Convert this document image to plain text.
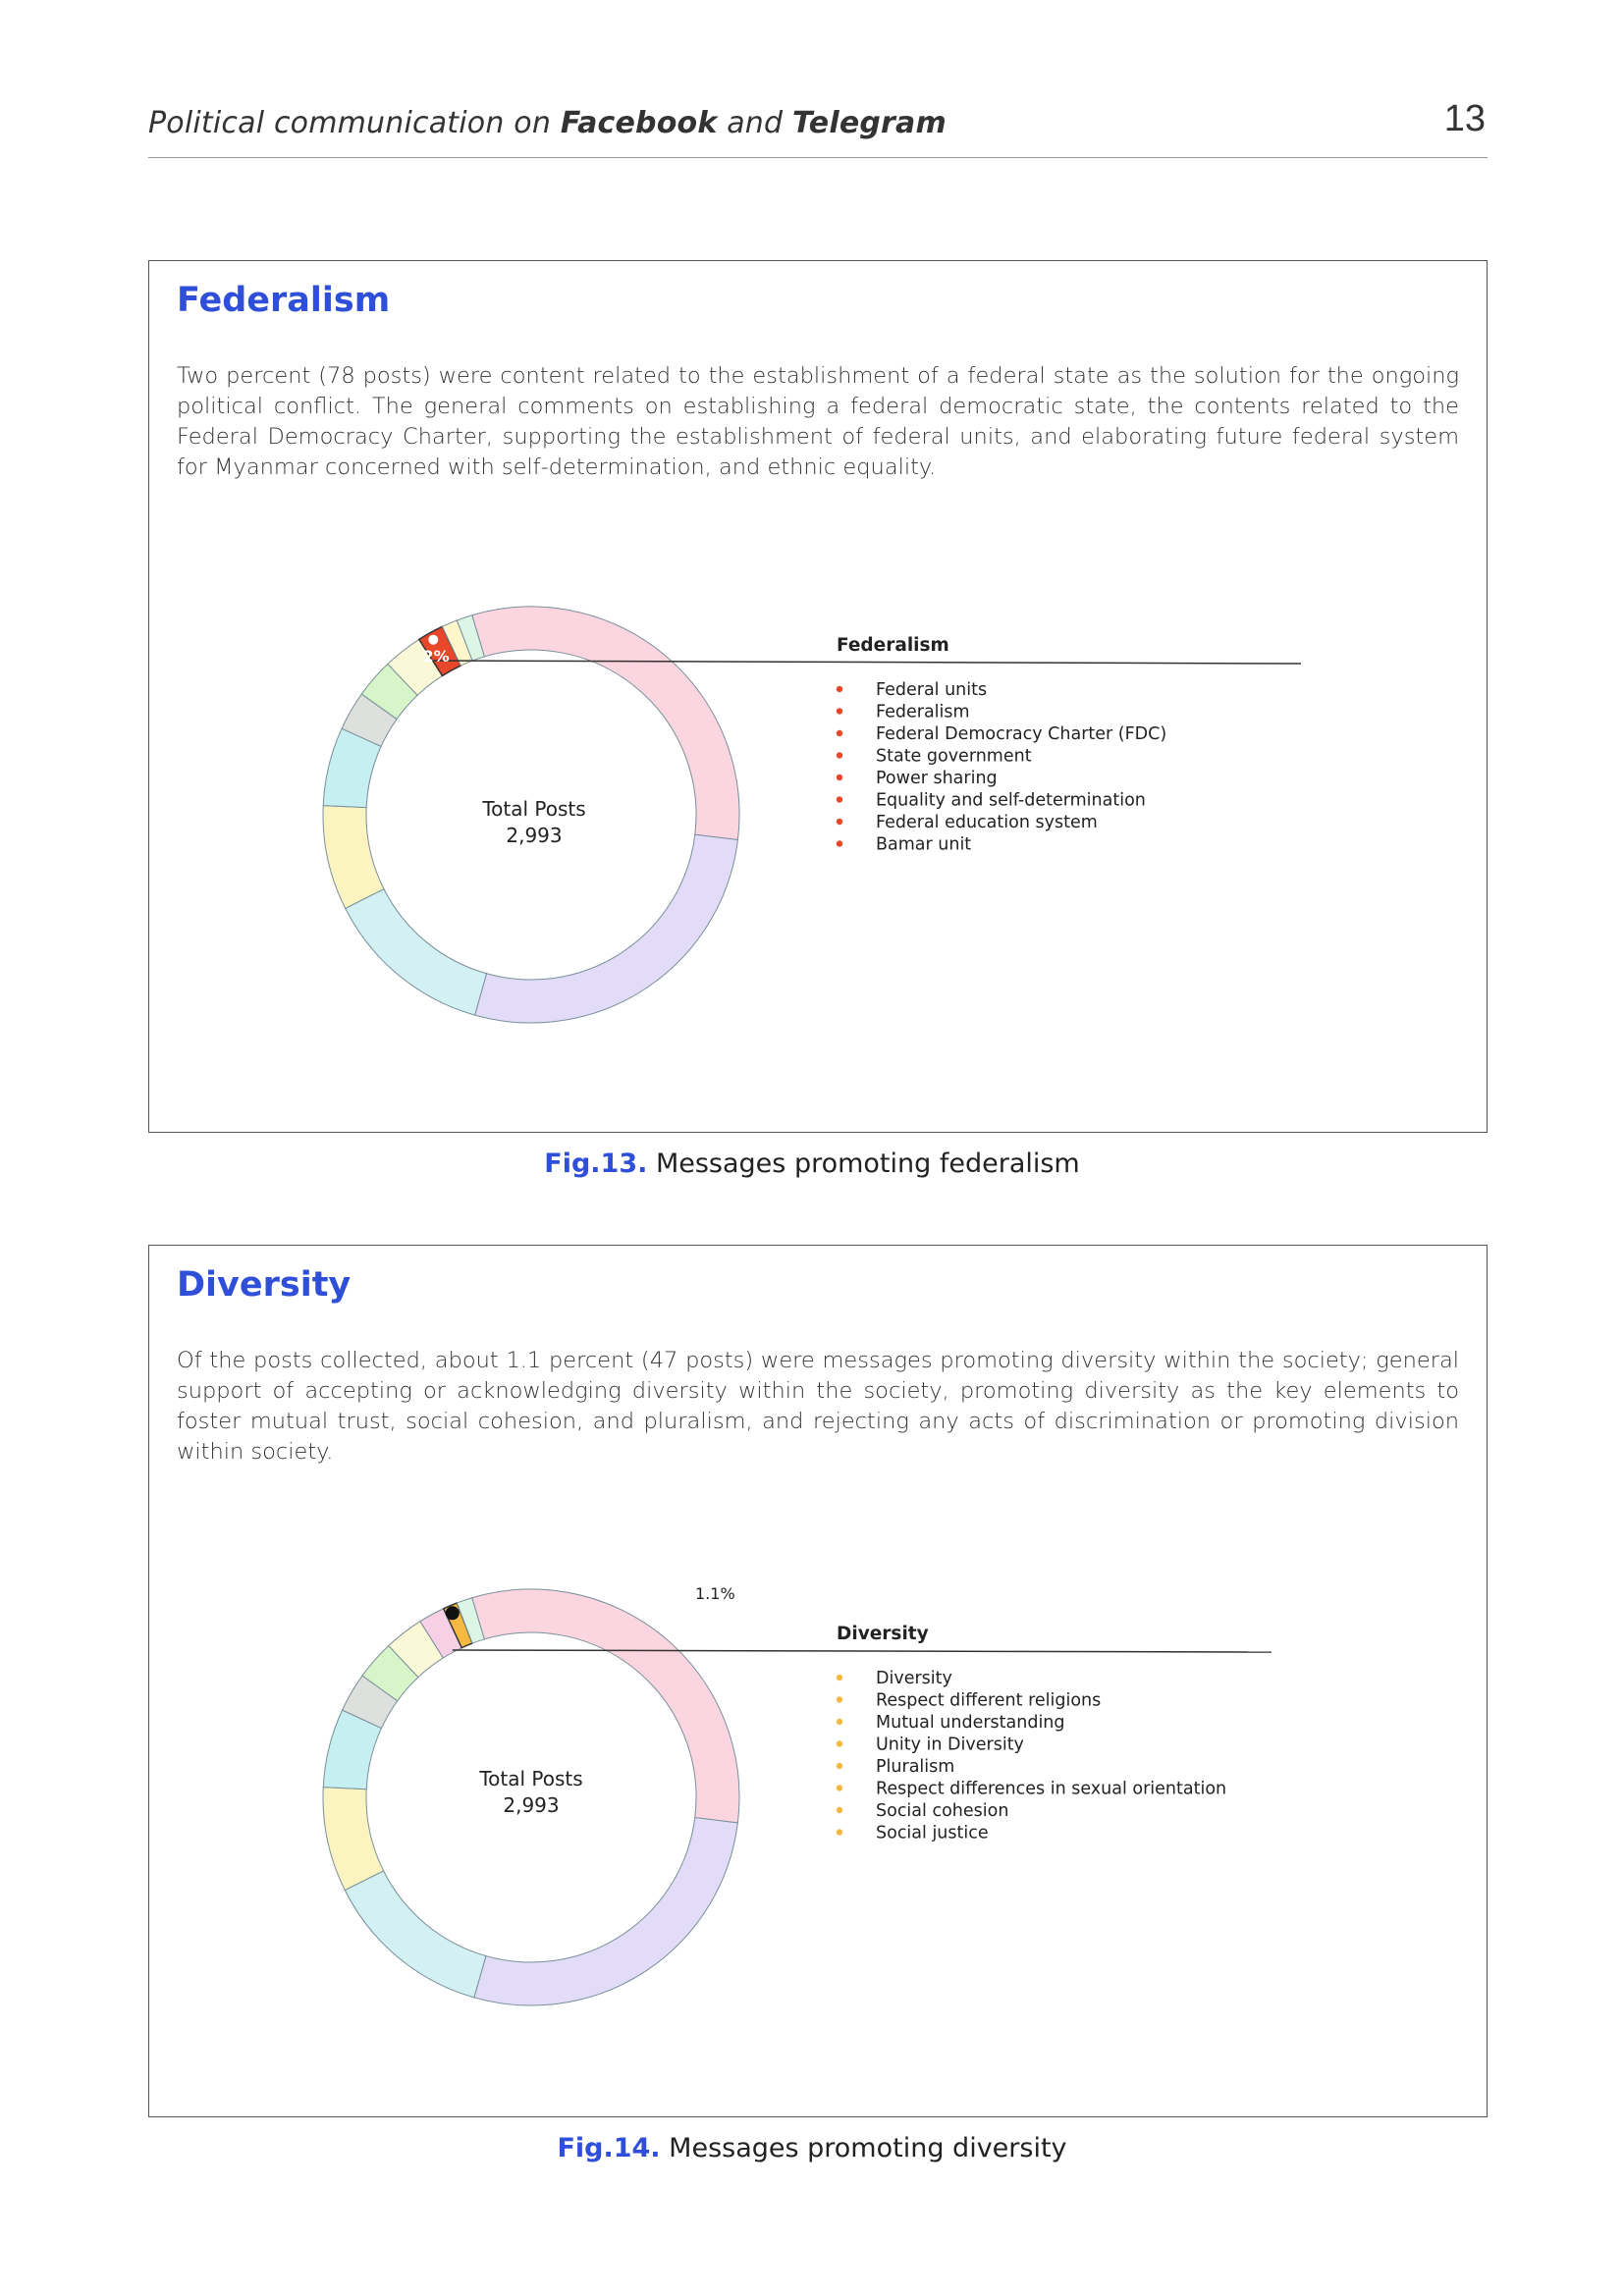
Political communication on Facebook and Telegram	13
Federalism
Two percent (78 posts) were content related to the establishment of a federal state as the solution for the ongoing political conflict. The general comments on establishing a federal democratic state, the contents related to the Federal Democracy Charter, supporting the establishment of federal units, and elaborating future federal system for Myanmar concerned with self-determination, and ethnic equality.
2%
Total Posts
2,993
Federalism
Federal units
Federalism
Federal Democracy Charter (FDC)
State government
Power sharing
Equality and self-determination
Federal education system
Bamar unit
Fig.13. Messages promoting federalism
Diversity
Of the posts collected, about 1.1 percent (47 posts) were messages promoting diversity within the society; general support of accepting or acknowledging diversity within the society, promoting diversity as the key elements to foster mutual trust, social cohesion, and pluralism, and rejecting any acts of discrimination or promoting division within society.
1.1%
Total Posts
2,993
Diversity
Diversity
Respect different religions
Mutual understanding
Unity in Diversity
Pluralism
Respect differences in sexual orientation
Social cohesion
Social justice
Fig.14. Messages promoting diversity
